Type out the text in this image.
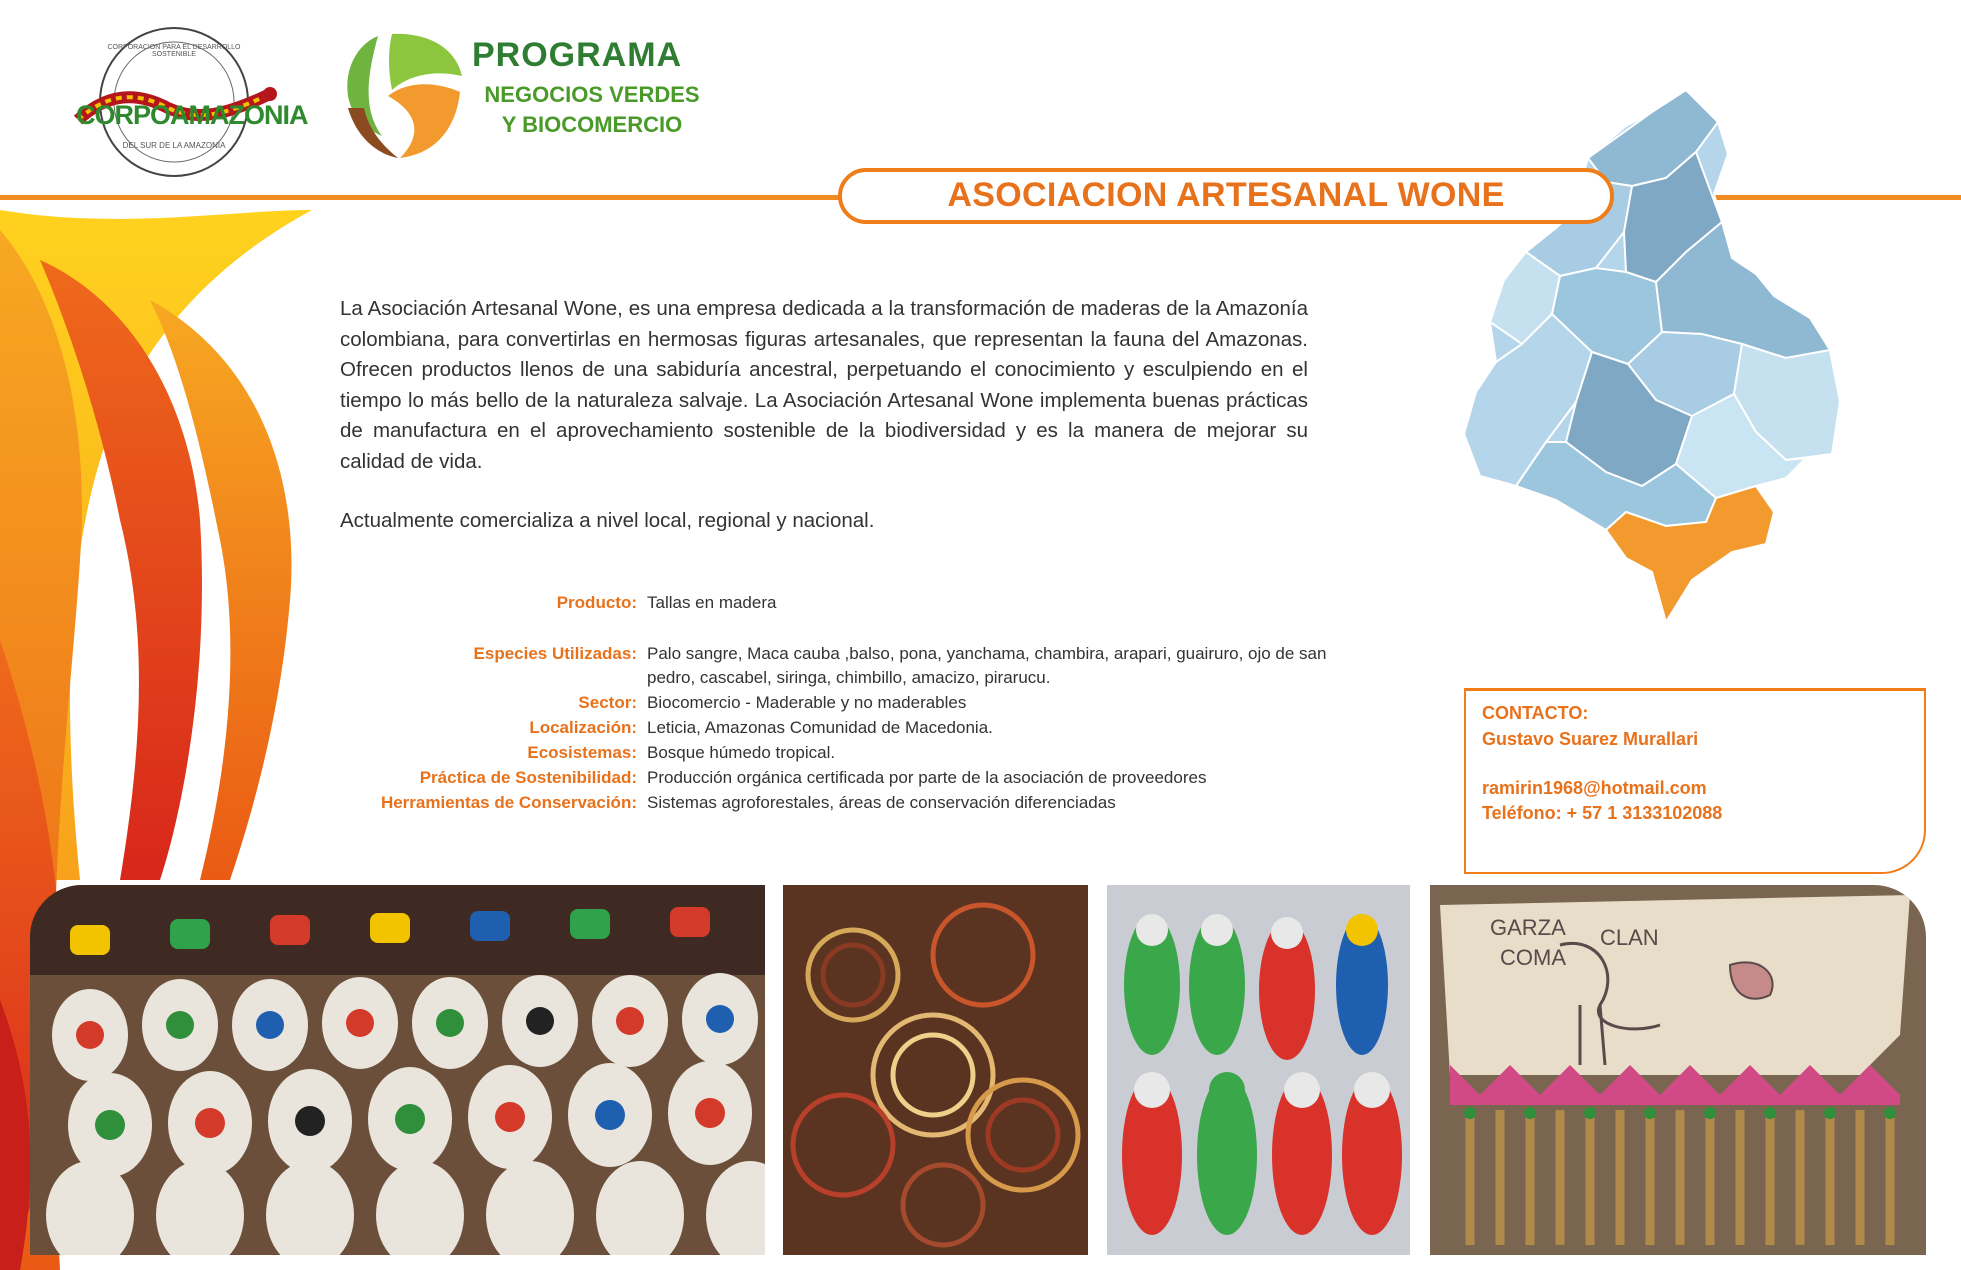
DEL SUR DE LA AMAZONIA
CORPOAMAZONIA
CORPORACION PARA EL DESARROLLO SOSTENIBLE	PROGRAMA
NEGOCIOS VERDES
Y BIOCOMERCIO
ASOCIACION ARTESANAL WONE
La Asociación Artesanal Wone, es una empresa dedicada a la transformación de maderas de la Amazonía colombiana, para convertirlas en hermosas figuras artesanales, que representan la fauna del Amazonas. Ofrecen productos llenos de una sabiduría ancestral, perpetuando el conocimiento y esculpiendo en el tiempo lo más bello de la naturaleza salvaje. La Asociación Artesanal Wone implementa buenas prácticas de manufactura en el aprovechamiento sostenible de la biodiversidad y es la manera de mejorar su calidad de vida.
Actualmente comercializa a nivel local, regional y nacional.
Producto: Tallas en madera
Especies Utilizadas: Palo sangre, Maca cauba ,balso, pona, yanchama, chambira, arapari, guairuro, ojo de san pedro, cascabel, siringa, chimbillo, amacizo, pirarucu.
Sector: Biocomercio - Maderable y no maderables
Localización: Leticia, Amazonas Comunidad de Macedonia.
Ecosistemas: Bosque húmedo tropical.
Práctica de Sostenibilidad: Producción orgánica certificada por parte de la asociación de proveedores
Herramientas de Conservación: Sistemas agroforestales, áreas de conservación diferenciadas
CONTACTO:
Gustavo Suarez Murallari
ramirin1968@hotmail.com
Teléfono: + 57 1 3133102088
GARZA
COMA
CLAN
